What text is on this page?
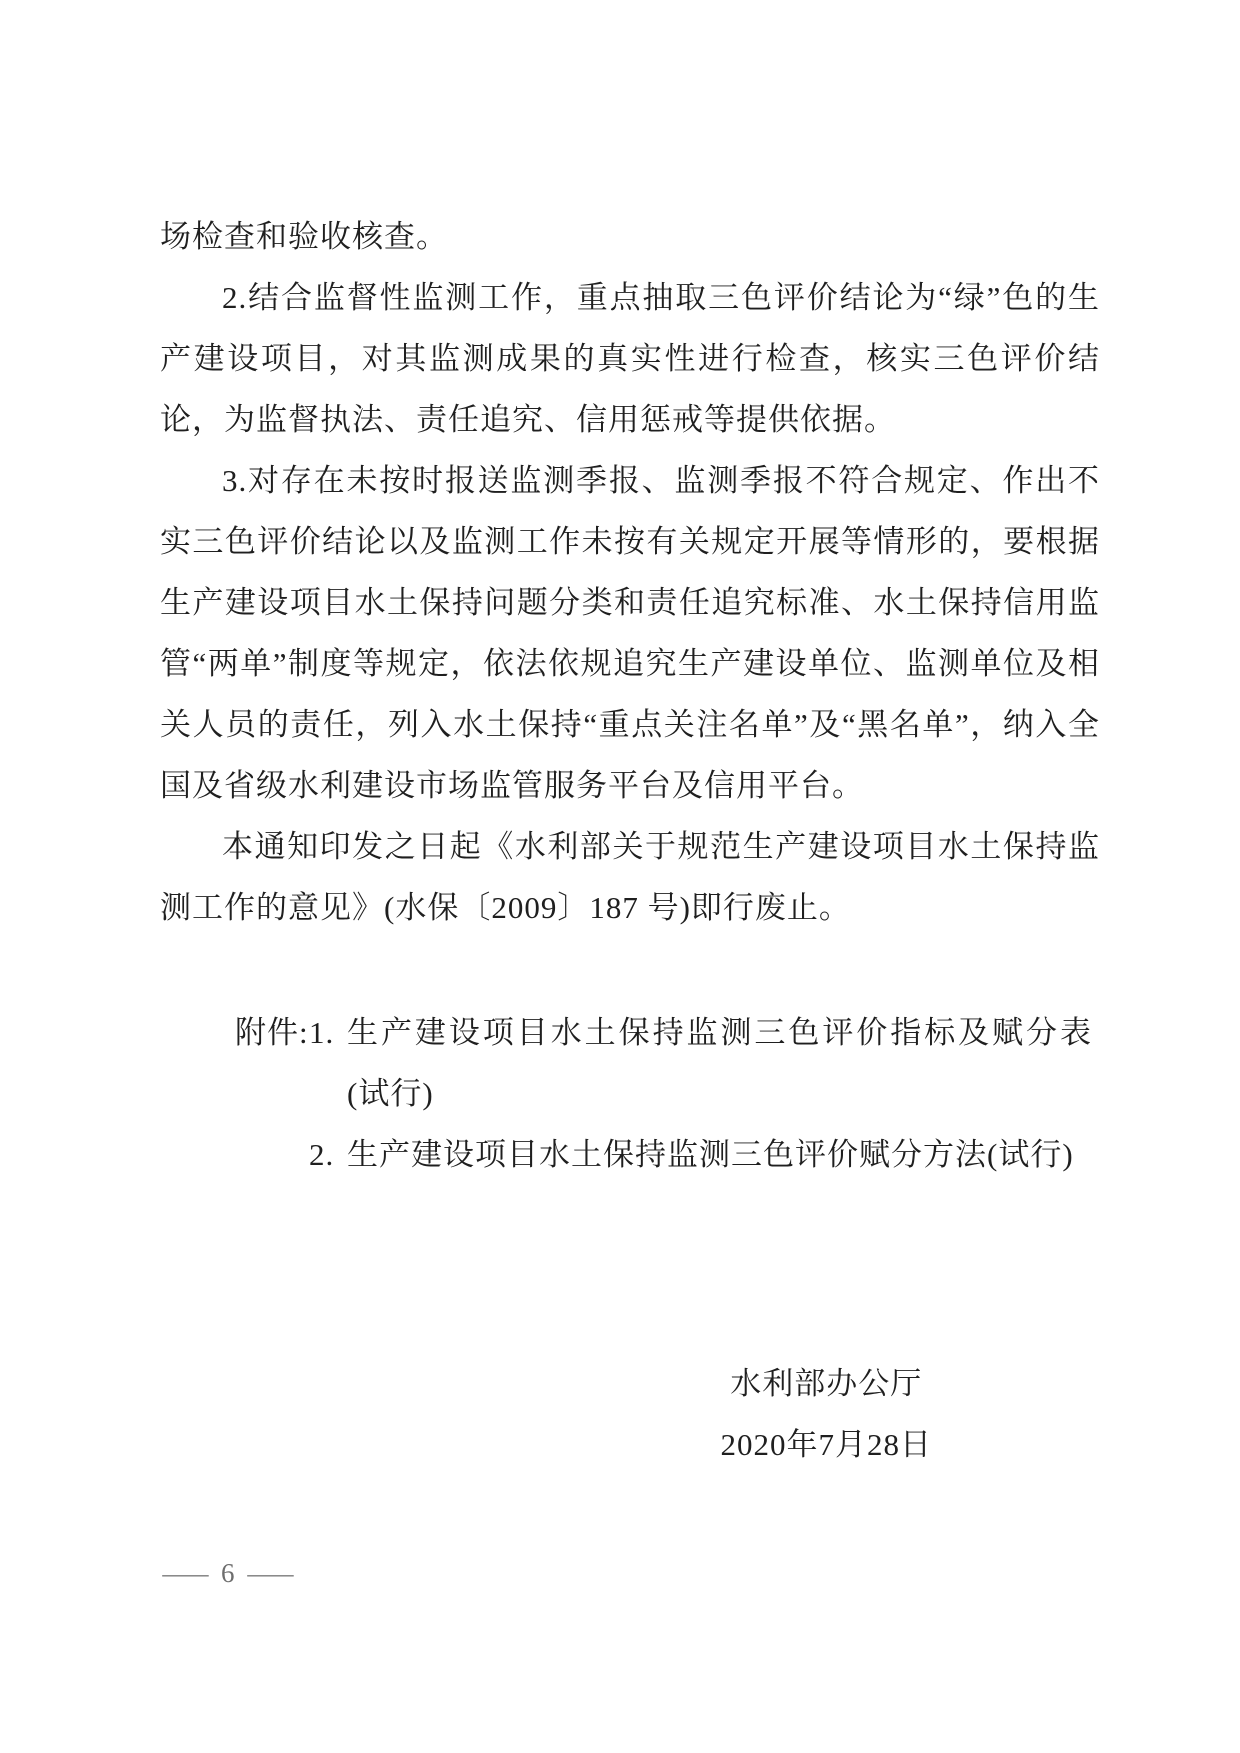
场检查和验收核查。

2.结合监督性监测工作，重点抽取三色评价结论为“绿”色的生产建设项目，对其监测成果的真实性进行检查，核实三色评价结论，为监督执法、责任追究、信用惩戒等提供依据。

3.对存在未按时报送监测季报、监测季报不符合规定、作出不实三色评价结论以及监测工作未按有关规定开展等情形的，要根据生产建设项目水土保持问题分类和责任追究标准、水土保持信用监管“两单”制度等规定，依法依规追究生产建设单位、监测单位及相关人员的责任，列入水土保持“重点关注名单”及“黑名单”，纳入全国及省级水利建设市场监管服务平台及信用平台。

本通知印发之日起《水利部关于规范生产建设项目水土保持监测工作的意见》(水保〔2009〕187 号)即行废止。

附件: 1. 生产建设项目水土保持监测三色评价指标及赋分表(试行)
2. 生产建设项目水土保持监测三色评价赋分方法(试行)
水利部办公厅
2020年7月28日
— 6 —
